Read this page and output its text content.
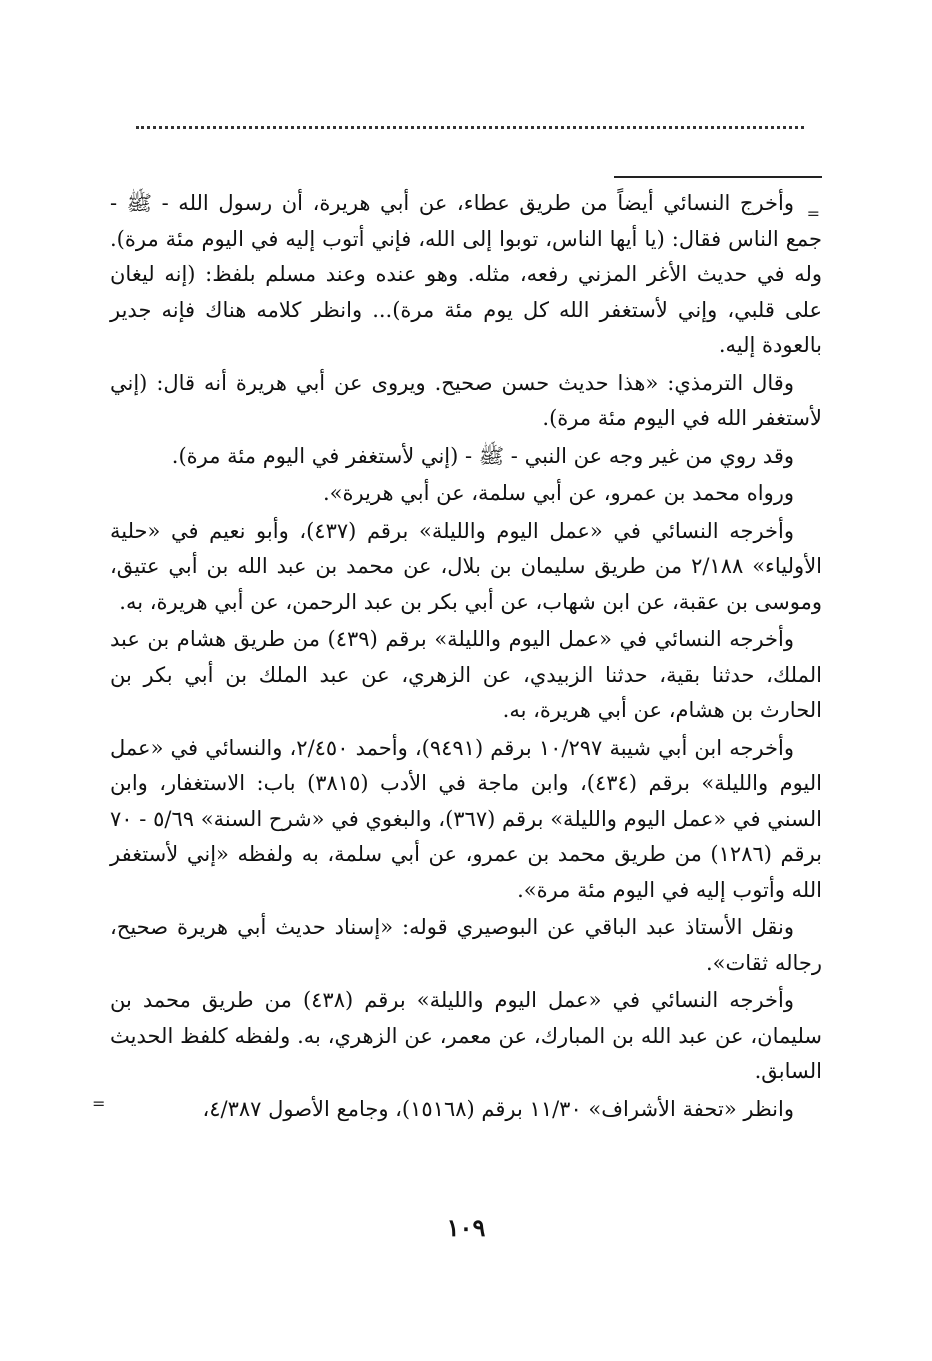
=
وأخرج النسائي أيضاً من طريق عطاء، عن أبي هريرة، أن رسول الله - ﷺ - جمع الناس فقال: (يا أيها الناس، توبوا إلى الله، فإني أتوب إليه في اليوم مئة مرة). وله في حديث الأغر المزني رفعه، مثله. وهو عنده وعند مسلم بلفظ: (إنه ليغان على قلبي، وإني لأستغفر الله كل يوم مئة مرة)... وانظر كلامه هناك فإنه جدير بالعودة إليه.

وقال الترمذي: «هذا حديث حسن صحيح. ويروى عن أبي هريرة أنه قال: (إني لأستغفر الله في اليوم مئة مرة).

وقد روي من غير وجه عن النبي - ﷺ - (إني لأستغفر في اليوم مئة مرة).

ورواه محمد بن عمرو، عن أبي سلمة، عن أبي هريرة».

وأخرجه النسائي في «عمل اليوم والليلة» برقم (٤٣٧)، وأبو نعيم في «حلية الأولياء» ٢/١٨٨ من طريق سليمان بن بلال، عن محمد بن عبد الله بن أبي عتيق، وموسى بن عقبة، عن ابن شهاب، عن أبي بكر بن عبد الرحمن، عن أبي هريرة، به.

وأخرجه النسائي في «عمل اليوم والليلة» برقم (٤٣٩) من طريق هشام بن عبد الملك، حدثنا بقية، حدثنا الزبيدي، عن الزهري، عن عبد الملك بن أبي بكر بن الحارث بن هشام، عن أبي هريرة، به.

وأخرجه ابن أبي شيبة ١٠/٢٩٧ برقم (٩٤٩١)، وأحمد ٢/٤٥٠، والنسائي في «عمل اليوم والليلة» برقم (٤٣٤)، وابن ماجة في الأدب (٣٨١٥) باب: الاستغفار، وابن السني في «عمل اليوم والليلة» برقم (٣٦٧)، والبغوي في «شرح السنة» ٥/٦٩ - ٧٠ برقم (١٢٨٦) من طريق محمد بن عمرو، عن أبي سلمة، به ولفظه «إني لأستغفر الله وأتوب إليه في اليوم مئة مرة».

ونقل الأستاذ عبد الباقي عن البوصيري قوله: «إسناد حديث أبي هريرة صحيح، رجاله ثقات».

وأخرجه النسائي في «عمل اليوم والليلة» برقم (٤٣٨) من طريق محمد بن سليمان، عن عبد الله بن المبارك، عن معمر، عن الزهري، به. ولفظه كلفظ الحديث السابق.

وانظر «تحفة الأشراف» ١١/٣٠ برقم (١٥١٦٨)، وجامع الأصول ٤/٣٨٧،
=

١٠٩
